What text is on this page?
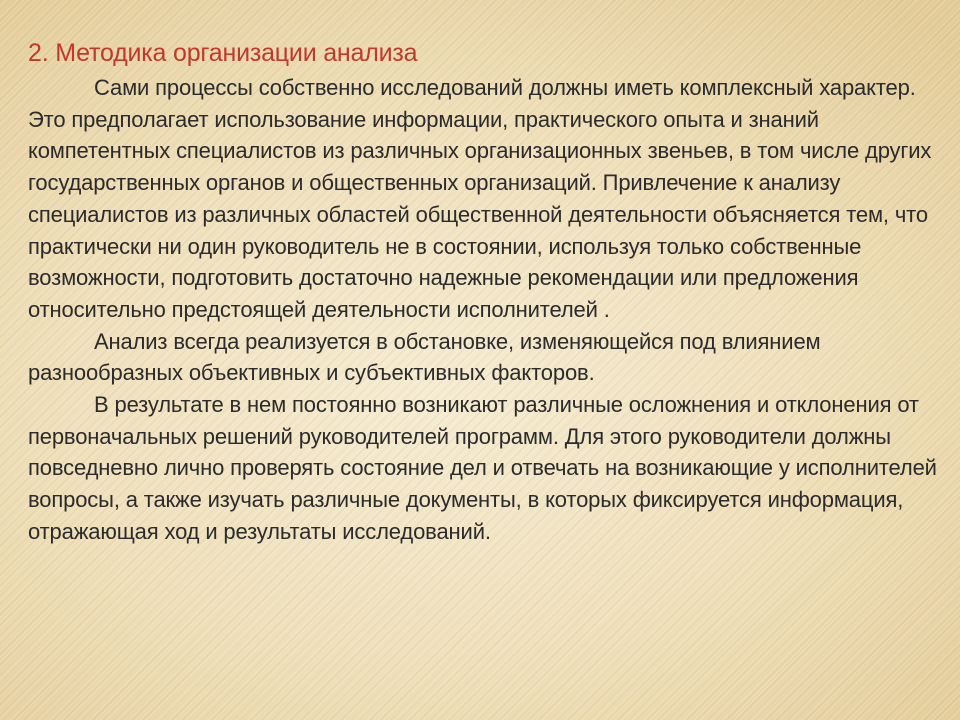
2. Методика организации анализа

Сами процессы собственно исследований должны иметь комплексный характер. Это предполагает использование информации, практического опыта и знаний компетентных специалистов из различных организационных звеньев, в том числе других государственных органов и общественных организаций. Привлечение к анализу специалистов из различных областей общественной деятельности объясняется тем, что практически ни один руководитель не в состоянии, используя только собственные возможности, подготовить достаточно надежные рекомендации или предложения относительно предстоящей деятельности исполнителей .

Анализ всегда реализуется в обстановке, изменяющейся под влиянием разнообразных объективных и субъективных факторов.

В результате в нем постоянно возникают различные осложнения и отклонения от первоначальных решений руководителей программ. Для этого руководители должны повседневно лично проверять состояние дел и отвечать на возникающие у исполнителей вопросы, а также изучать различные документы, в которых фиксируется информация, отражающая ход и результаты исследований.
